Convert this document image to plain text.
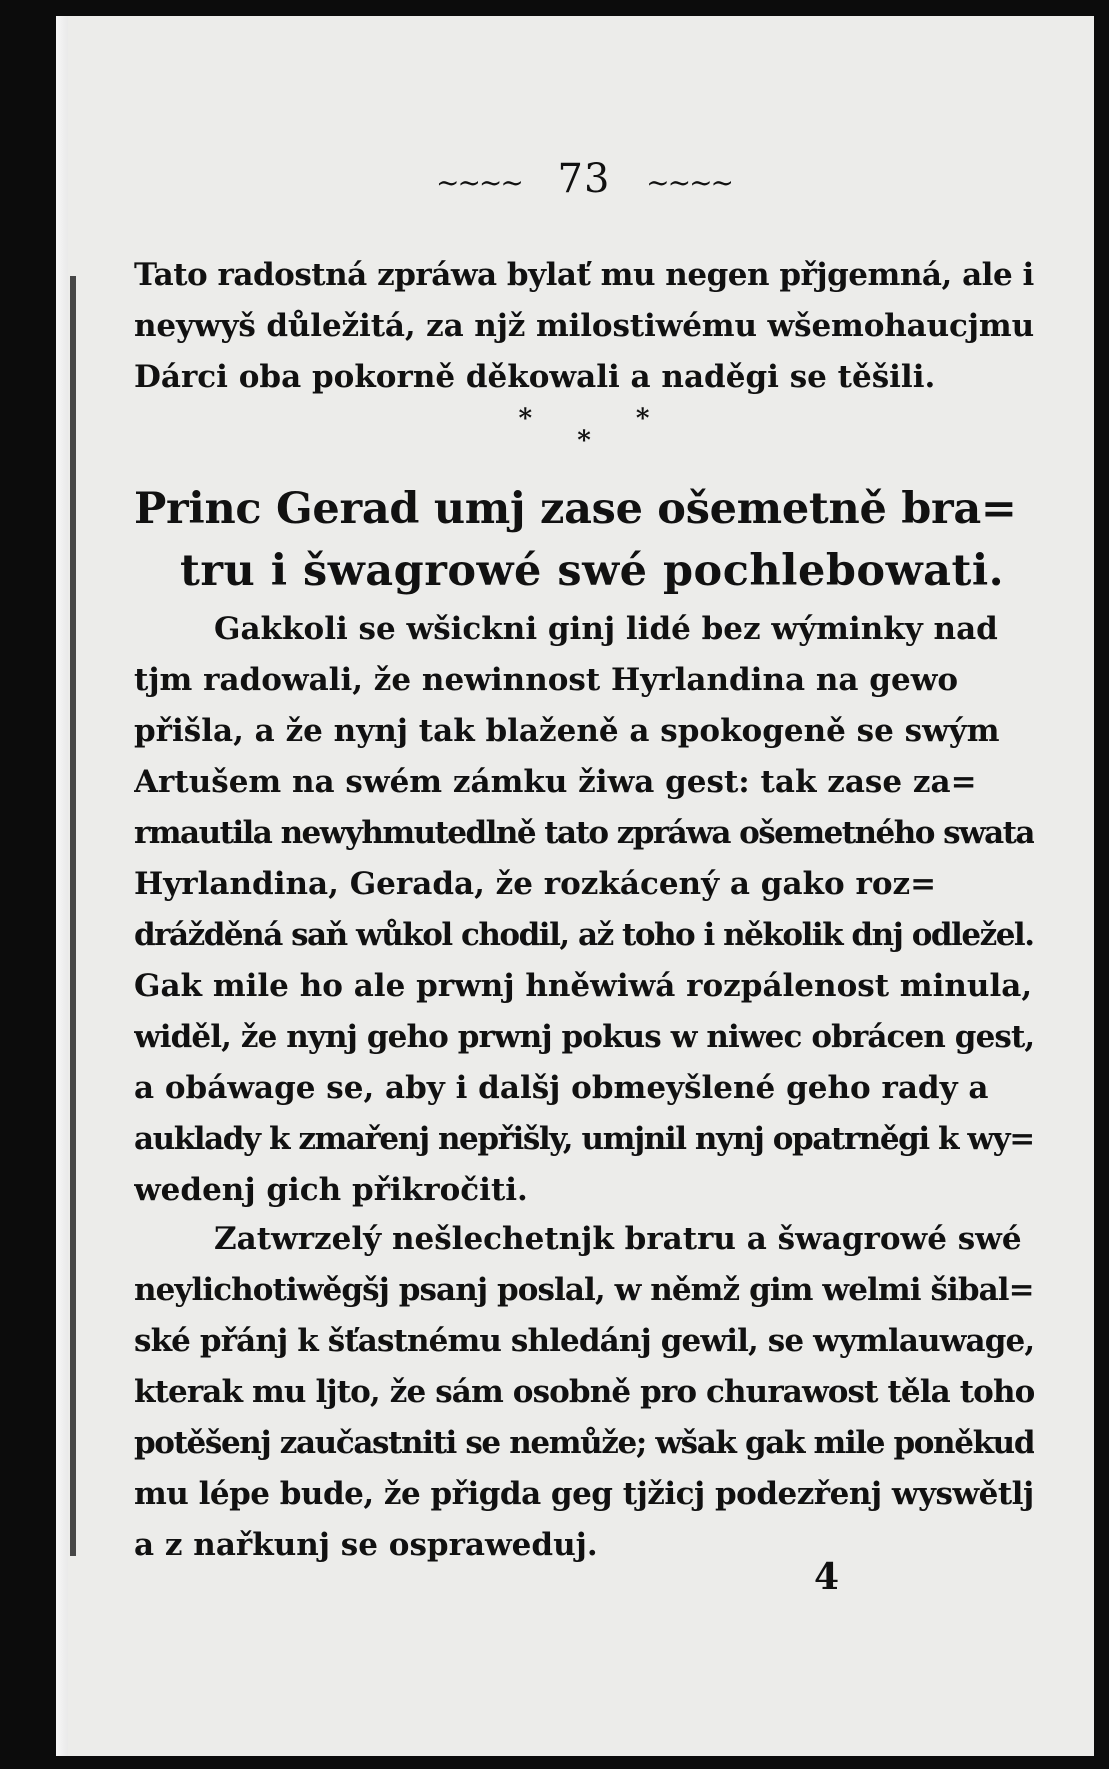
~~~~ 73 ~~~~

Tato radostná zpráwa bylať mu negen přjgemná, ale i
neywyš důležitá, za njž milostiwému wšemohaucjmu
Dárci oba pokorně děkowali a naděgi se těšili.

* * *
Princ Gerad umj zase ošemetně bra=
tru i šwagrowé swé pochlebowati.

Gakkoli se wšickni ginj lidé bez wýminky nad
tjm radowali, že newinnost Hyrlandina na gewo
přišla, a že nynj tak blaženě a spokogeně se swým
Artušem na swém zámku žiwa gest: tak zase za=
rmautila newyhmutedlně tato zpráwa ošemetného swata
Hyrlandina, Gerada, že rozkácený a gako roz=
drážděná saň wůkol chodil, až toho i několik dnj odležel.
Gak mile ho ale prwnj hněwiwá rozpálenost minula,
widěl, že nynj geho prwnj pokus w niwec obrácen gest,
a obáwage se, aby i dalšj obmeyšlené geho rady a
auklady k zmařenj nepřišly, umjnil nynj opatrněgi k wy=
wedenj gich přikročiti.

Zatwrzelý nešlechetnjk bratru a šwagrowé swé
neylichotiwěgšj psanj poslal, w němž gim welmi šibal=
ské přánj k šťastnému shledánj gewil, se wymlauwage,
kterak mu ljto, že sám osobně pro churawost těla toho
potěšenj zaučastniti se nemůže; wšak gak mile poněkud
mu lépe bude, že přigda geg tjžicj podezřenj wyswětlj
a z nařkunj se ospraweduj.

4
